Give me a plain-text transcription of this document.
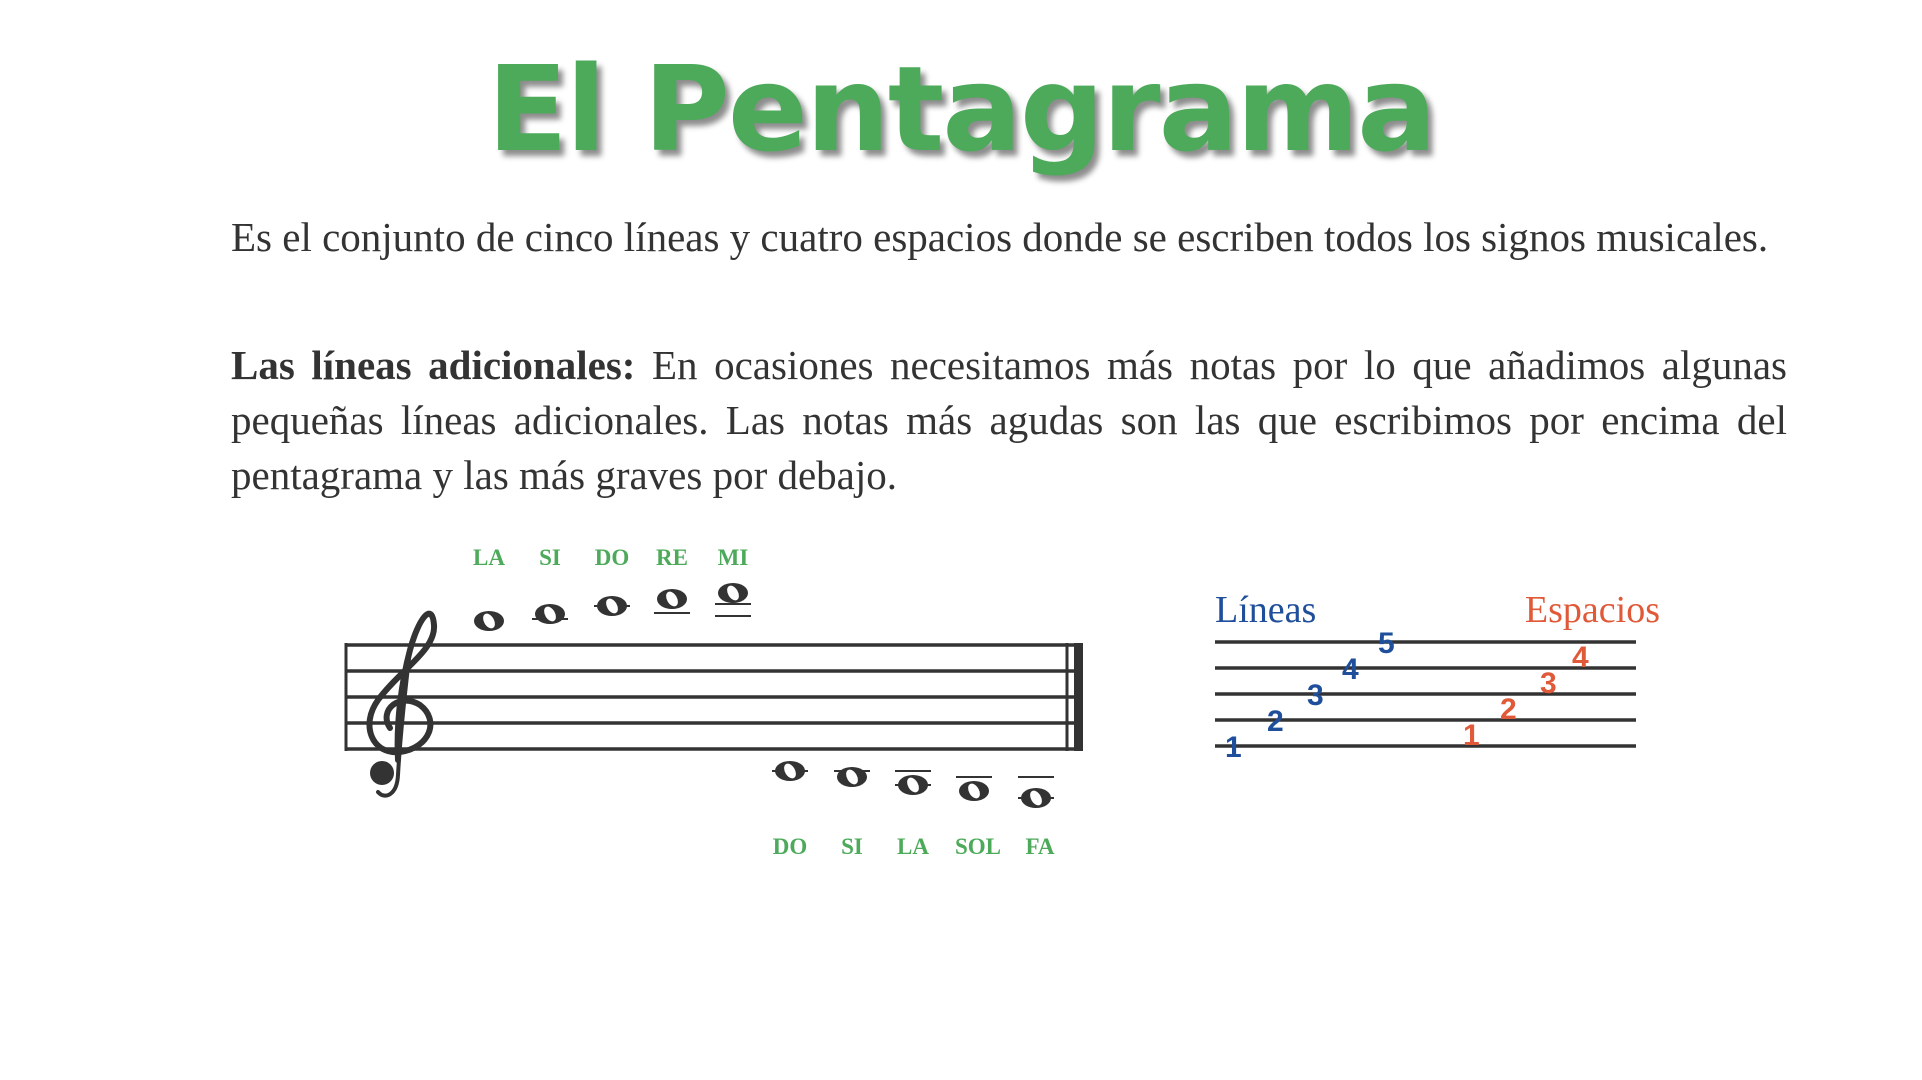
El Pentagrama

Es el conjunto de cinco líneas y cuatro espacios donde se escriben todos los signos musicales.

Las líneas adicionales: En ocasiones necesitamos más notas por lo que añadimos algunas pequeñas líneas adicionales. Las notas más agudas son las que escribimos por encima del pentagrama y las más graves por debajo.

LA SI DO RE MI
DO SI LA SOL FA
Líneas	Espacios
1
2
3
4
5
1
2
3
4
